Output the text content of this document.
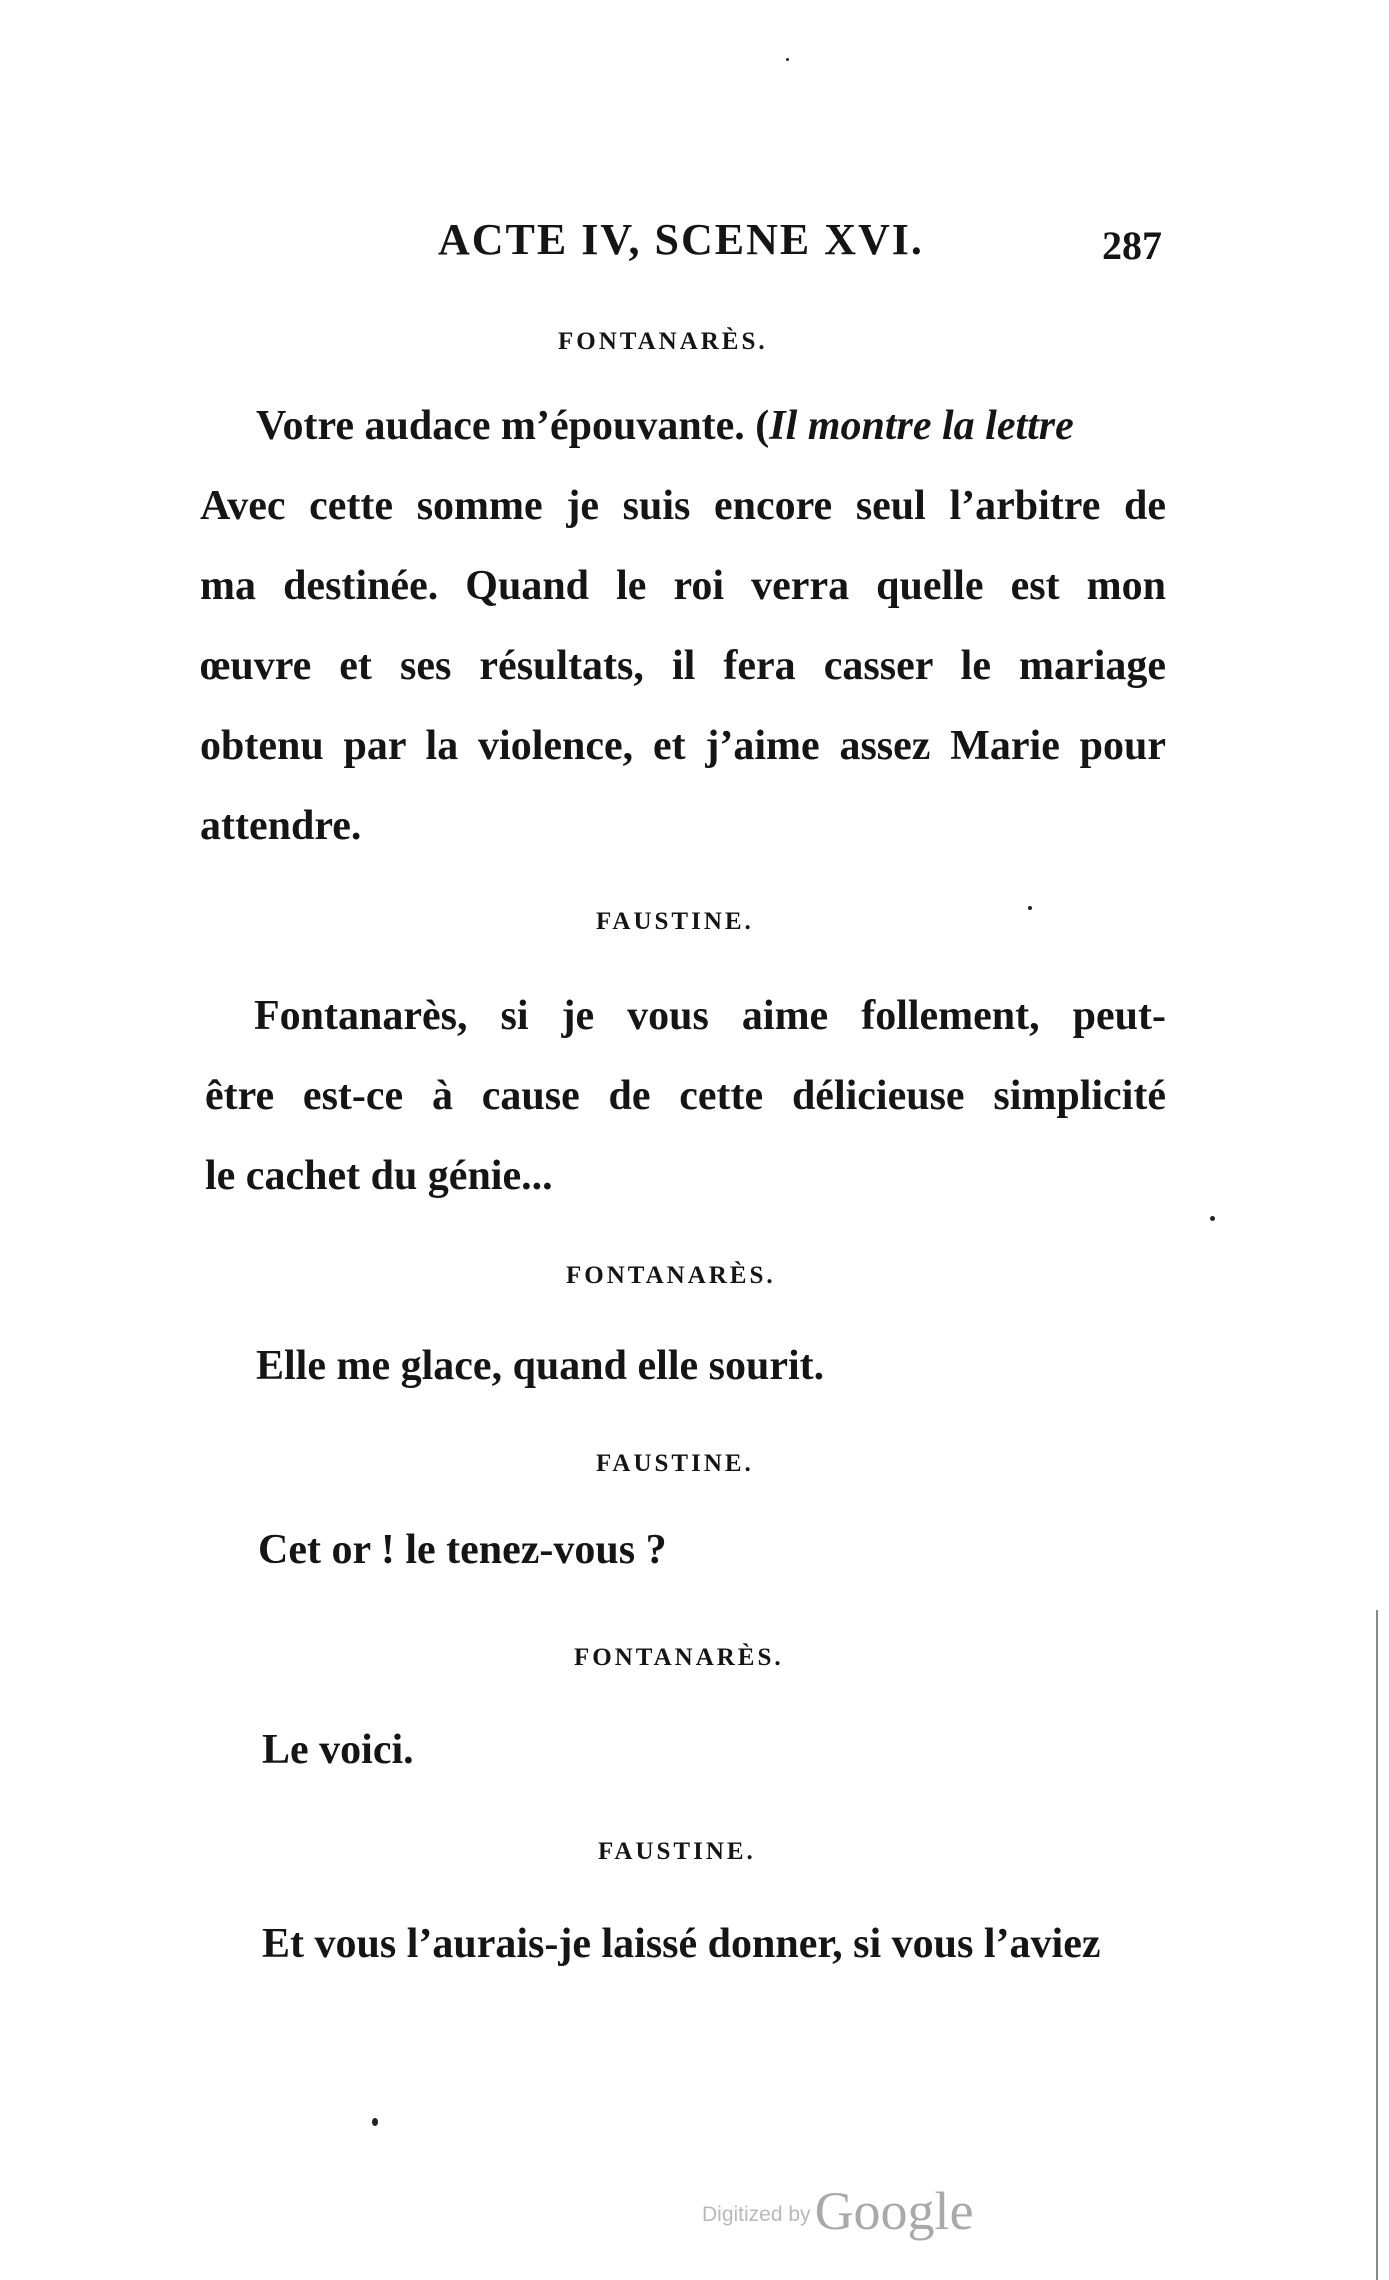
ACTE IV, SCENE XVI.	287
FONTANARÈS.
Votre audace m’épouvante. (Il montre la lettre
Avec cette somme je suis encore seul l’arbitre de
ma destinée. Quand le roi verra quelle est mon
œuvre et ses résultats, il fera casser le mariage
obtenu par la violence, et j’aime assez Marie pour
attendre.
FAUSTINE.
Fontanarès, si je vous aime follement, peut-
être est-ce à cause de cette délicieuse simplicité
le cachet du génie...
FONTANARÈS.
Elle me glace, quand elle sourit.
FAUSTINE.
Cet or ! le tenez-vous ?
FONTANARÈS.
Le voici.
FAUSTINE.
Et vous l’aurais-je laissé donner, si vous l’aviez
Digitized byGoogle
